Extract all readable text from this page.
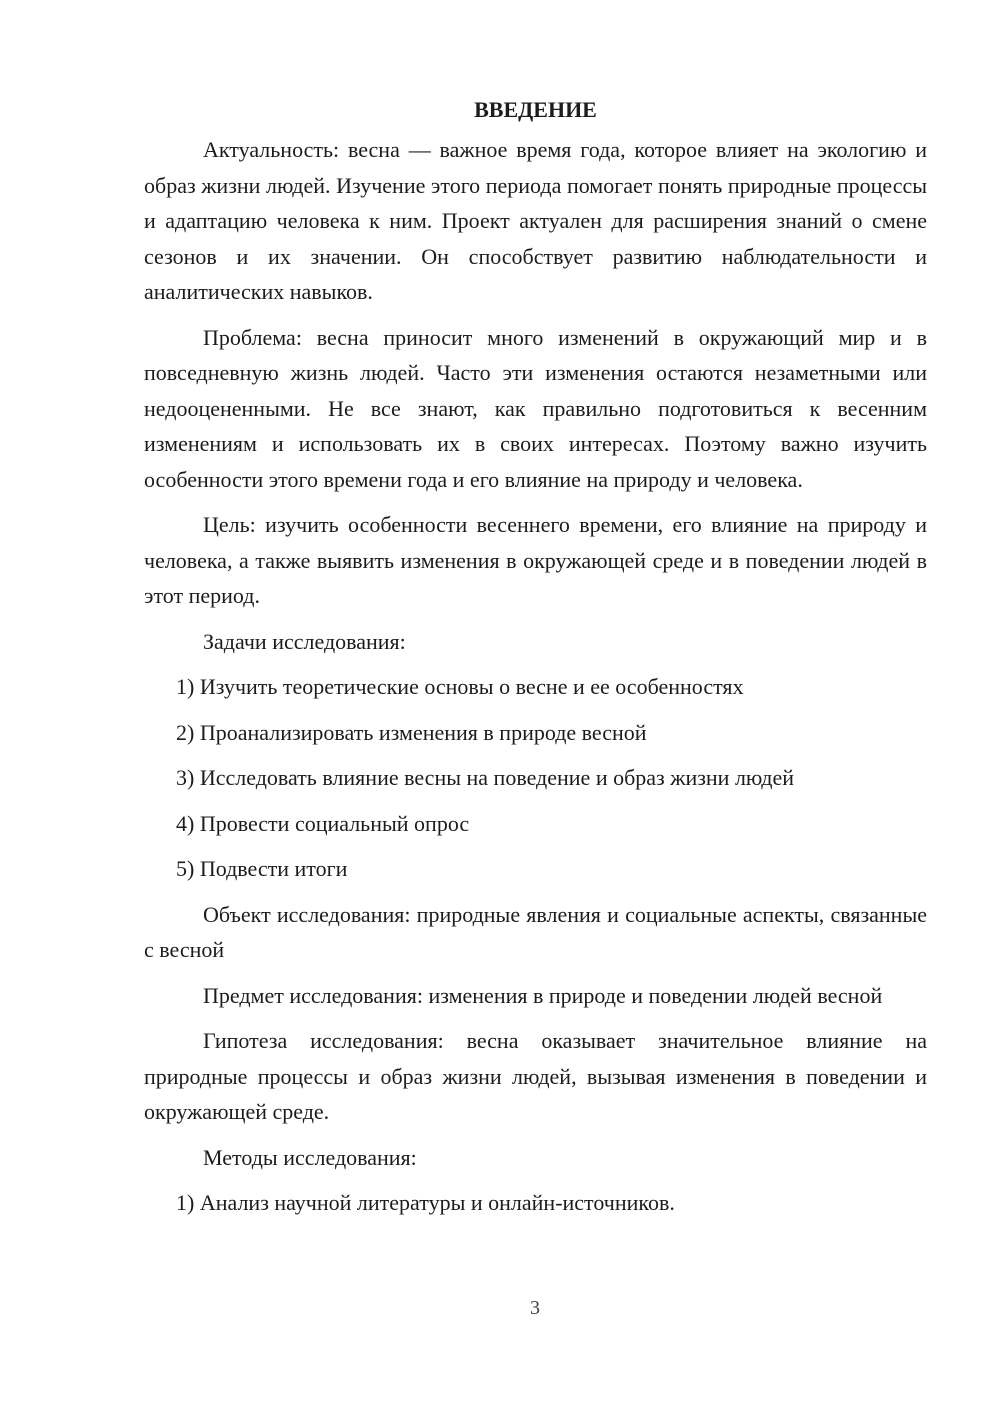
ВВЕДЕНИЕ

Актуальность: весна — важное время года, которое влияет на экологию и образ жизни людей. Изучение этого периода помогает понять природные процессы и адаптацию человека к ним. Проект актуален для расширения знаний о смене сезонов и их значении. Он способствует развитию наблюдательности и аналитических навыков.

Проблема: весна приносит много изменений в окружающий мир и в повседневную жизнь людей. Часто эти изменения остаются незаметными или недооцененными. Не все знают, как правильно подготовиться к весенним изменениям и использовать их в своих интересах. Поэтому важно изучить особенности этого времени года и его влияние на природу и человека.

Цель: изучить особенности весеннего времени, его влияние на природу и человека, а также выявить изменения в окружающей среде и в поведении людей в этот период.

Задачи исследования:

1) Изучить теоретические основы о весне и ее особенностях

2) Проанализировать изменения в природе весной

3) Исследовать влияние весны на поведение и образ жизни людей

4) Провести социальный опрос

5) Подвести итоги

Объект исследования: природные явления и социальные аспекты, связанные с весной

Предмет исследования: изменения в природе и поведении людей весной

Гипотеза исследования: весна оказывает значительное влияние на природные процессы и образ жизни людей, вызывая изменения в поведении и окружающей среде.

Методы исследования:

1) Анализ научной литературы и онлайн-источников.

3
